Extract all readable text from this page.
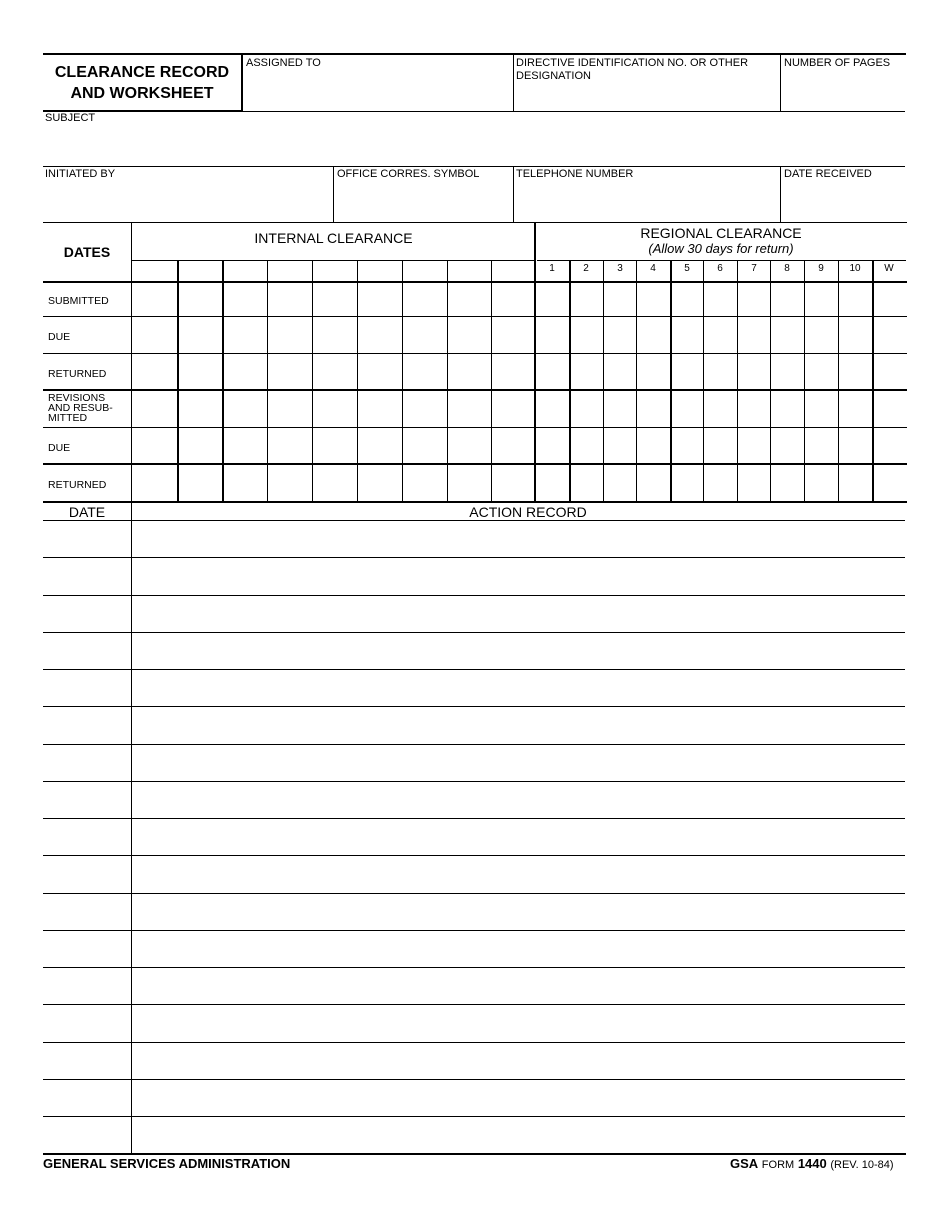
CLEARANCE RECORD
AND WORKSHEET
ASSIGNED TO	DIRECTIVE IDENTIFICATION NO. OR OTHER DESIGNATION
NUMBER OF PAGES
SUBJECT
INITIATED BY	OFFICE CORRES. SYMBOL	TELEPHONE NUMBER	DATE RECEIVED
1	2	3	4	5	6	7	8	9	10	W
SUBMITTED
DUE
RETURNED
REVISIONS
AND RESUB-
MITTED
DUE
RETURNED
DATES
INTERNAL CLEARANCE	REGIONAL CLEARANCE
(Allow 30 days for return)
DATE	ACTION RECORD
GENERAL SERVICES ADMINISTRATION	GSA FORM 1440 (REV. 10-84)
